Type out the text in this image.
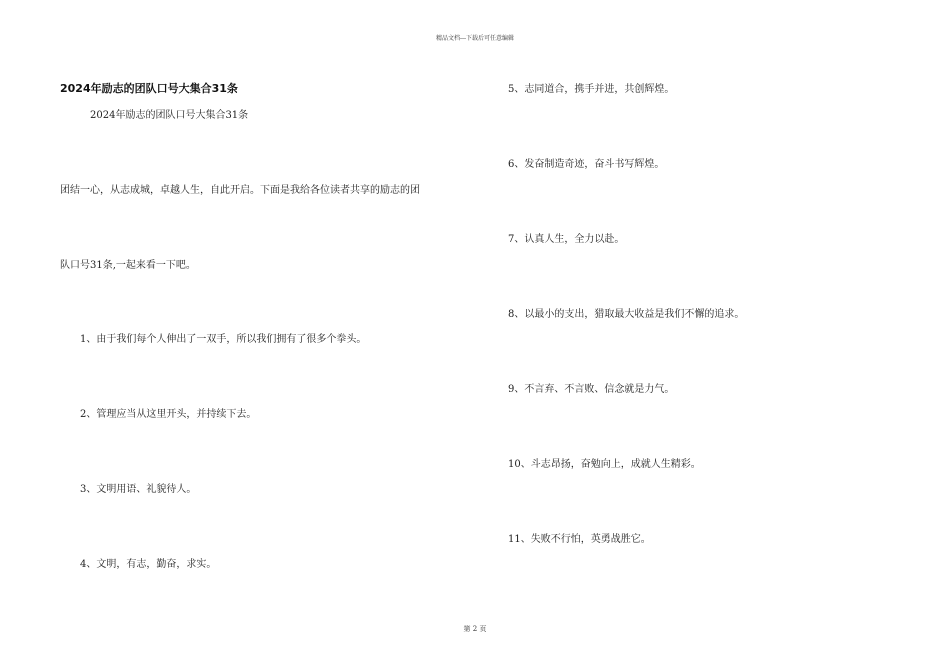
精品文档---下载后可任意编辑
2024年励志的团队口号大集合31条
2024年励志的团队口号大集合31条
团结一心，从志成城，卓越人生，自此开启。下面是我给各位读者共享的励志的团
队口号31条,一起来看一下吧。
1、由于我们每个人伸出了一双手，所以我们拥有了很多个拳头。
2、管理应当从这里开头，并持续下去。
3、文明用语、礼貌待人。
4、文明，有志，勤奋，求实。
5、志同道合，携手并进，共创辉煌。
6、发奋制造奇迹，奋斗书写辉煌。
7、认真人生，全力以赴。
8、以最小的支出，猎取最大收益是我们不懈的追求。
9、不言弃、不言败、信念就是力气。
10、斗志昂扬，奋勉向上，成就人生精彩。
11、失败不行怕，英勇战胜它。
第 2 页
